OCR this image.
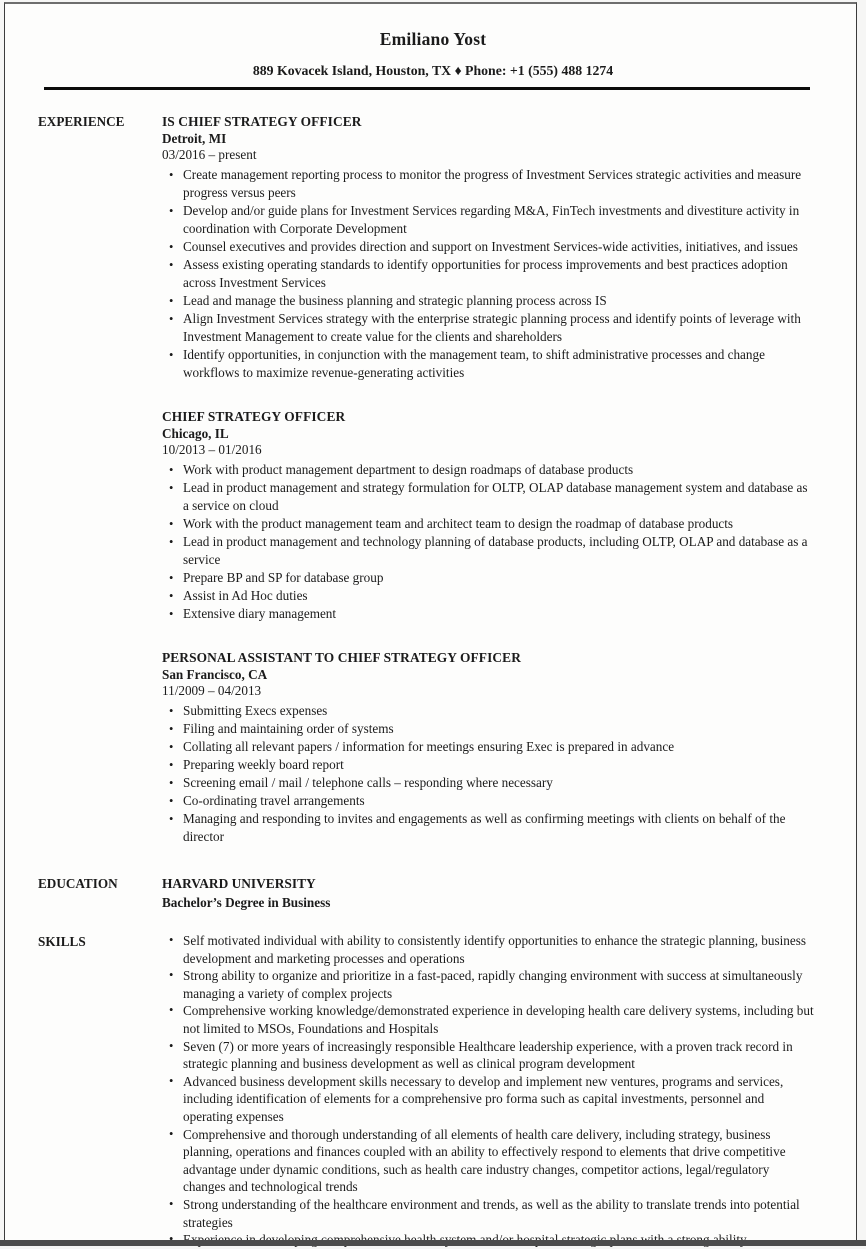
Emiliano Yost

889 Kovacek Island, Houston, TX ♦ Phone: +1 (555) 488 1274

EXPERIENCE	IS CHIEF STRATEGY OFFICER
Detroit, MI

03/2016 – present

• Create management reporting process to monitor the progress of Investment Services strategic activities and measure progress versus peers
• Develop and/or guide plans for Investment Services regarding M&A, FinTech investments and divestiture activity in coordination with Corporate Development
• Counsel executives and provides direction and support on Investment Services-wide activities, initiatives, and issues
• Assess existing operating standards to identify opportunities for process improvements and best practices adoption across Investment Services
• Lead and manage the business planning and strategic planning process across IS
• Align Investment Services strategy with the enterprise strategic planning process and identify points of leverage with Investment Management to create value for the clients and shareholders
• Identify opportunities, in conjunction with the management team, to shift administrative processes and change workflows to maximize revenue-generating activities
CHIEF STRATEGY OFFICER
Chicago, IL

10/2013 – 01/2016

• Work with product management department to design roadmaps of database products
• Lead in product management and strategy formulation for OLTP, OLAP database management system and database as a service on cloud
• Work with the product management team and architect team to design the roadmap of database products
• Lead in product management and technology planning of database products, including OLTP, OLAP and database as a service
• Prepare BP and SP for database group
• Assist in Ad Hoc duties
• Extensive diary management
PERSONAL ASSISTANT TO CHIEF STRATEGY OFFICER
San Francisco, CA

11/2009 – 04/2013

• Submitting Execs expenses
• Filing and maintaining order of systems
• Collating all relevant papers / information for meetings ensuring Exec is prepared in advance
• Preparing weekly board report
• Screening email / mail / telephone calls – responding where necessary
• Co-ordinating travel arrangements
• Managing and responding to invites and engagements as well as confirming meetings with clients on behalf of the director
EDUCATION	HARVARD UNIVERSITY
Bachelor’s Degree in Business
SKILLS	• Self motivated individual with ability to consistently identify opportunities to enhance the strategic planning, business development and marketing processes and operations
• Strong ability to organize and prioritize in a fast-paced, rapidly changing environment with success at simultaneously managing a variety of complex projects
• Comprehensive working knowledge/demonstrated experience in developing health care delivery systems, including but not limited to MSOs, Foundations and Hospitals
• Seven (7) or more years of increasingly responsible Healthcare leadership experience, with a proven track record in strategic planning and business development as well as clinical program development
• Advanced business development skills necessary to develop and implement new ventures, programs and services, including identification of elements for a comprehensive pro forma such as capital investments, personnel and operating expenses
• Comprehensive and thorough understanding of all elements of health care delivery, including strategy, business planning, operations and finances coupled with an ability to effectively respond to elements that drive competitive advantage under dynamic conditions, such as health care industry changes, competitor actions, legal/regulatory changes and technological trends
• Strong understanding of the healthcare environment and trends, as well as the ability to translate trends into potential strategies
•
